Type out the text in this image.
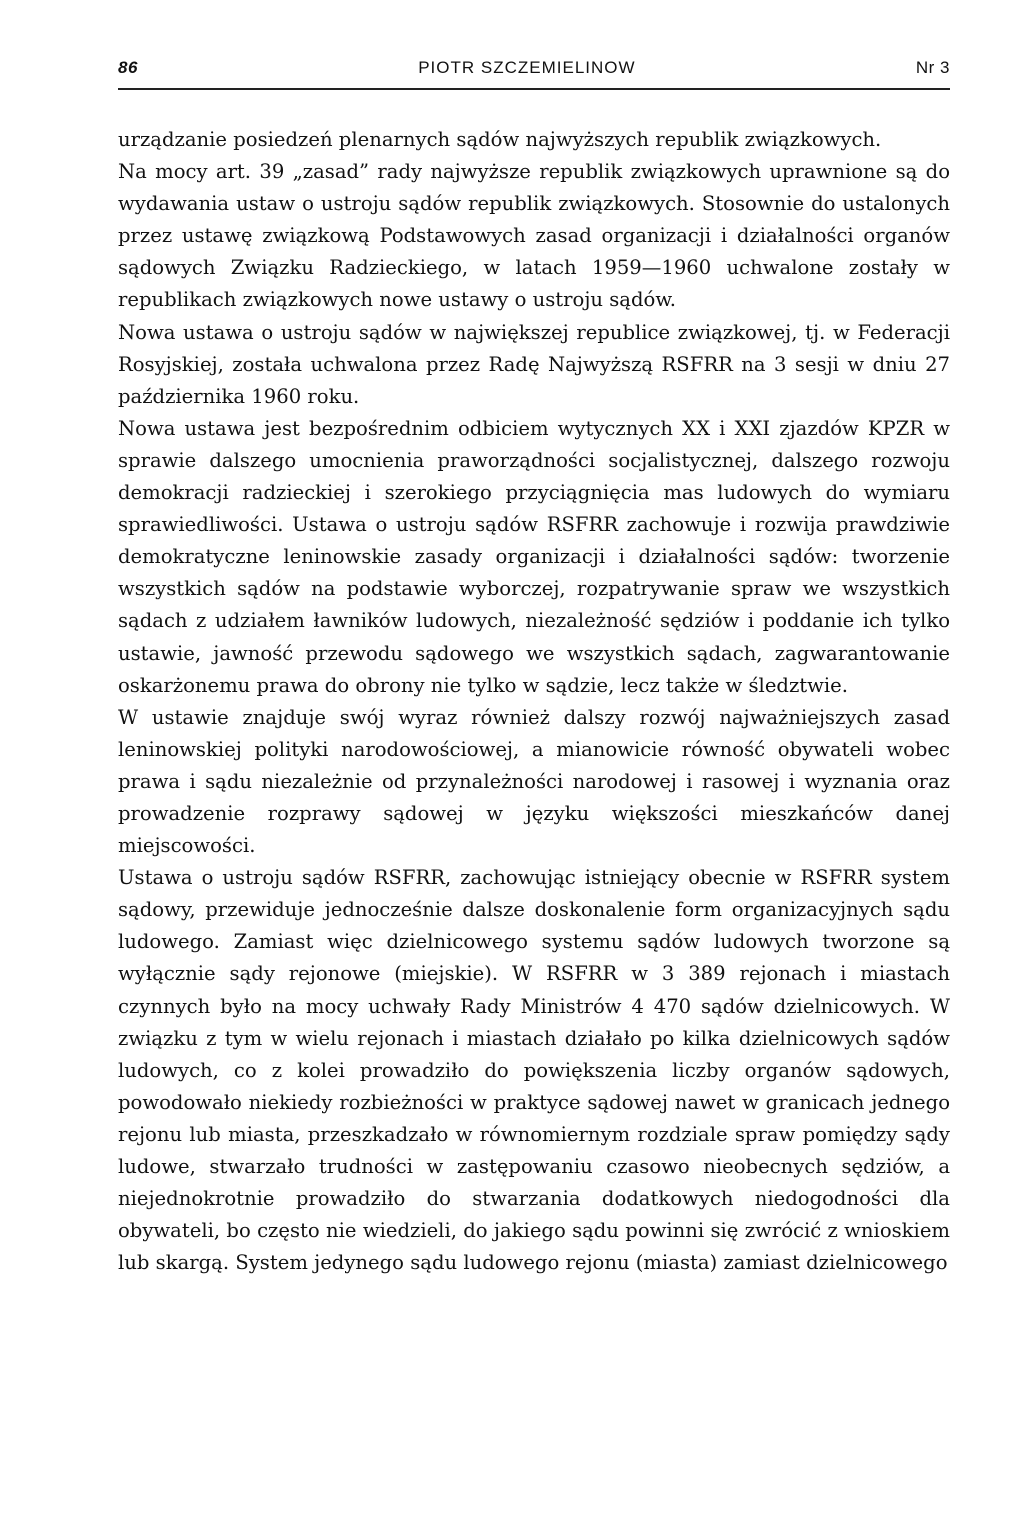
86	PIOTR SZCZEMIELINOW	Nr 3

urządzanie posiedzeń plenarnych sądów najwyższych republik związkowych.

Na mocy art. 39 „zasad” rady najwyższe republik związkowych uprawnione są do wydawania ustaw o ustroju sądów republik związkowych. Stosownie do ustalonych przez ustawę związkową Podstawowych zasad organizacji i działalności organów sądowych Związku Radzieckiego, w latach 1959—1960 uchwalone zostały w republikach związkowych nowe ustawy o ustroju sądów.

Nowa ustawa o ustroju sądów w największej republice związkowej, tj. w Federacji Rosyjskiej, została uchwalona przez Radę Najwyższą RSFRR na 3 sesji w dniu 27 października 1960 roku.

Nowa ustawa jest bezpośrednim odbiciem wytycznych XX i XXI zjazdów KPZR w sprawie dalszego umocnienia praworządności socjalistycznej, dalszego rozwoju demokracji radzieckiej i szerokiego przyciągnięcia mas ludowych do wymiaru sprawiedliwości. Ustawa o ustroju sądów RSFRR zachowuje i rozwija prawdziwie demokratyczne leninowskie zasady organizacji i działalności sądów: tworzenie wszystkich sądów na podstawie wyborczej, rozpatrywanie spraw we wszystkich sądach z udziałem ławników ludowych, niezależność sędziów i poddanie ich tylko ustawie, jawność przewodu sądowego we wszystkich sądach, zagwarantowanie oskarżonemu prawa do obrony nie tylko w sądzie, lecz także w śledztwie.

W ustawie znajduje swój wyraz również dalszy rozwój najważniejszych zasad leninowskiej polityki narodowościowej, a mianowicie równość obywateli wobec prawa i sądu niezależnie od przynależności narodowej i rasowej i wyznania oraz prowadzenie rozprawy sądowej w języku większości mieszkańców danej miejscowości.

Ustawa o ustroju sądów RSFRR, zachowując istniejący obecnie w RSFRR system sądowy, przewiduje jednocześnie dalsze doskonalenie form organizacyjnych sądu ludowego. Zamiast więc dzielnicowego systemu sądów ludowych tworzone są wyłącznie sądy rejonowe (miejskie). W RSFRR w 3 389 rejonach i miastach czynnych było na mocy uchwały Rady Ministrów 4 470 sądów dzielnicowych. W związku z tym w wielu rejonach i miastach działało po kilka dzielnicowych sądów ludowych, co z kolei prowadziło do powiększenia liczby organów sądowych, powodowało niekiedy rozbieżności w praktyce sądowej nawet w granicach jednego rejonu lub miasta, przeszkadzało w równomiernym rozdziale spraw pomiędzy sądy ludowe, stwarzało trudności w zastępowaniu czasowo nieobecnych sędziów, a niejednokrotnie prowadziło do stwarzania dodatkowych niedogodności dla obywateli, bo często nie wiedzieli, do jakiego sądu powinni się zwrócić z wnioskiem lub skargą. System jedynego sądu ludowego rejonu (miasta) zamiast dzielnicowego
